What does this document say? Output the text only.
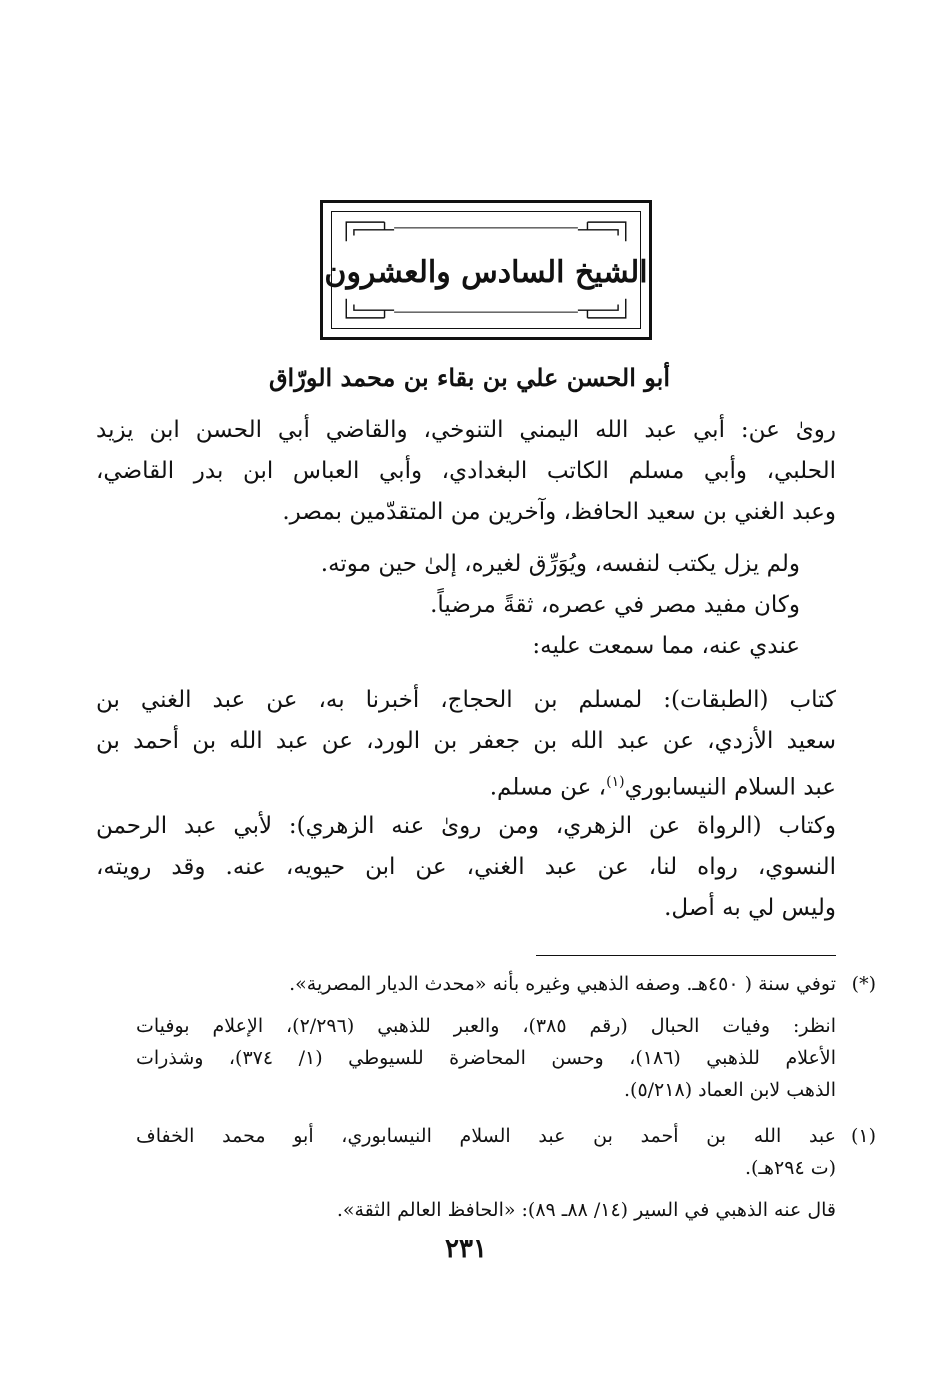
الشيخ السادس والعشرون
أبو الحسن علي بن بقاء بن محمد الورّاق
روىٰ عن: أبي عبد الله اليمني التنوخي، والقاضي أبي الحسن ابن يزيد
الحلبي، وأبي مسلم الكاتب البغدادي، وأبي العباس ابن بدر القاضي،
وعبد الغني بن سعيد الحافظ، وآخرين من المتقدّمين بمصر.
ولم يزل يكتب لنفسه، ويُوَرِّق لغيره، إلىٰ حين موته.
وكان مفيد مصر في عصره، ثقةً مرضياً.
عندي عنه، مما سمعت عليه:
كتاب (الطبقات): لمسلم بن الحجاج، أخبرنا به، عن عبد الغني بن
سعيد الأزدي، عن عبد الله بن جعفر بن الورد، عن عبد الله بن أحمد بن
عبد السلام النيسابوري$^{(١)}$، عن مسلم.
وكتاب (الرواة عن الزهري، ومن روىٰ عنه الزهري): لأبي عبد الرحمن
النسوي، رواه لنا، عن عبد الغني، عن ابن حيويه، عنه. وقد رويته،
وليس لي به أصل.
(*)
توفي سنة ( ٤٥٠هـ. وصفه الذهبي وغيره بأنه «محدث الديار المصرية».
انظر: وفيات الحبال (رقم ٣٨٥)، والعبر للذهبي (٢/٢٩٦)، الإعلام بوفيات
الأعلام للذهبي (١٨٦)، وحسن المحاضرة للسيوطي (١/ ٣٧٤)، وشذرات
الذهب لابن العماد (٥/٢١٨).
(١)
عبد الله بن أحمد بن عبد السلام النيسابوري، أبو محمد الخفاف
(ت ٢٩٤هـ).
قال عنه الذهبي في السير (١٤/ ٨٨ـ ٨٩): «الحافظ العالم الثقة».
٢٣١
